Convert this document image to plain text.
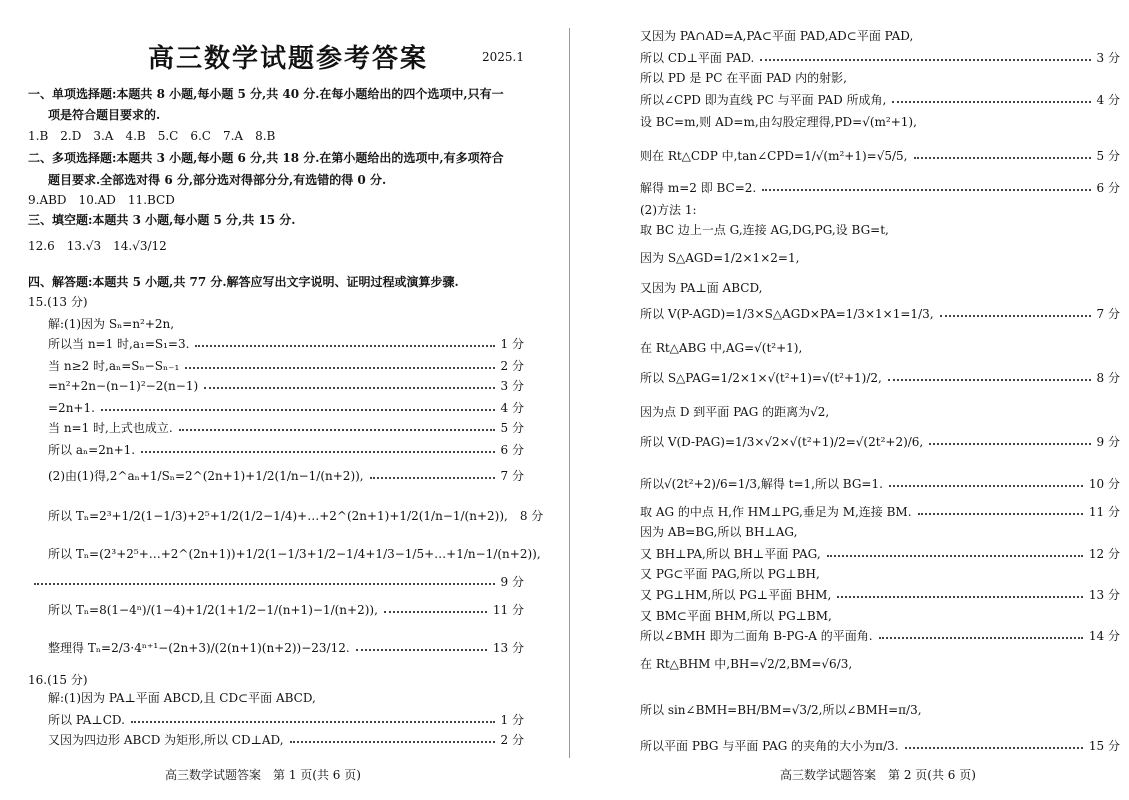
高三数学试题参考答案	2025.1
一、单项选择题:本题共 8 小题,每小题 5 分,共 40 分.在每小题给出的四个选项中,只有一
项是符合题目要求的.
1.B　2.D　3.A　4.B　5.C　6.C　7.A　8.B
二、多项选择题:本题共 3 小题,每小题 6 分,共 18 分.在第小题给出的选项中,有多项符合
题目要求.全部选对得 6 分,部分选对得部分分,有选错的得 0 分.
9.ABD　10.AD　11.BCD
三、填空题:本题共 3 小题,每小题 5 分,共 15 分.
12.6　13.√3　14.√3/12
四、解答题:本题共 5 小题,共 77 分.解答应写出文字说明、证明过程或演算步骤.
15.(13 分)
解:(1)因为 Sₙ=n²+2n,
所以当 n=1 时,a₁=S₁=3.	1 分
当 n≥2 时,aₙ=Sₙ−Sₙ₋₁	2 分
=n²+2n−(n−1)²−2(n−1)	3 分
=2n+1.	4 分
当 n=1 时,上式也成立.	5 分
所以 aₙ=2n+1.	6 分
(2)由(1)得,2^aₙ+1/Sₙ=2^(2n+1)+1/2(1/n−1/(n+2)),	7 分
所以 Tₙ=2³+1/2(1−1/3)+2⁵+1/2(1/2−1/4)+…+2^(2n+1)+1/2(1/n−1/(n+2)), 8 分
所以 Tₙ=(2³+2⁵+…+2^(2n+1))+1/2(1−1/3+1/2−1/4+1/3−1/5+…+1/n−1/(n+2)),
9 分
所以 Tₙ=8(1−4ⁿ)/(1−4)+1/2(1+1/2−1/(n+1)−1/(n+2)),	11 分
整理得 Tₙ=2/3·4ⁿ⁺¹−(2n+3)/(2(n+1)(n+2))−23/12.	13 分
16.(15 分)
解:(1)因为 PA⊥平面 ABCD,且 CD⊂平面 ABCD,
所以 PA⊥CD.	1 分
又因为四边形 ABCD 为矩形,所以 CD⊥AD,	2 分
高三数学试题答案　第 1 页(共 6 页)
又因为 PA∩AD=A,PA⊂平面 PAD,AD⊂平面 PAD,
所以 CD⊥平面 PAD.	3 分
所以 PD 是 PC 在平面 PAD 内的射影,
所以∠CPD 即为直线 PC 与平面 PAD 所成角,	4 分
设 BC=m,则 AD=m,由勾股定理得,PD=√(m²+1),
则在 Rt△CDP 中,tan∠CPD=1/√(m²+1)=√5/5,	5 分
解得 m=2 即 BC=2.	6 分
(2)方法 1:
取 BC 边上一点 G,连接 AG,DG,PG,设 BG=t,
因为 S△AGD=1/2×1×2=1,
又因为 PA⊥面 ABCD,
所以 V(P-AGD)=1/3×S△AGD×PA=1/3×1×1=1/3,	7 分
在 Rt△ABG 中,AG=√(t²+1),
所以 S△PAG=1/2×1×√(t²+1)=√(t²+1)/2,	8 分
因为点 D 到平面 PAG 的距离为√2,
所以 V(D-PAG)=1/3×√2×√(t²+1)/2=√(2t²+2)/6,	9 分
所以√(2t²+2)/6=1/3,解得 t=1,所以 BG=1.	10 分
取 AG 的中点 H,作 HM⊥PG,垂足为 M,连接 BM.	11 分
因为 AB=BG,所以 BH⊥AG,
又 BH⊥PA,所以 BH⊥平面 PAG,	12 分
又 PG⊂平面 PAG,所以 PG⊥BH,
又 PG⊥HM,所以 PG⊥平面 BHM,	13 分
又 BM⊂平面 BHM,所以 PG⊥BM,
所以∠BMH 即为二面角 B-PG-A 的平面角.	14 分
在 Rt△BHM 中,BH=√2/2,BM=√6/3,
所以 sin∠BMH=BH/BM=√3/2,所以∠BMH=π/3,
所以平面 PBG 与平面 PAG 的夹角的大小为π/3.	15 分
高三数学试题答案　第 2 页(共 6 页)
